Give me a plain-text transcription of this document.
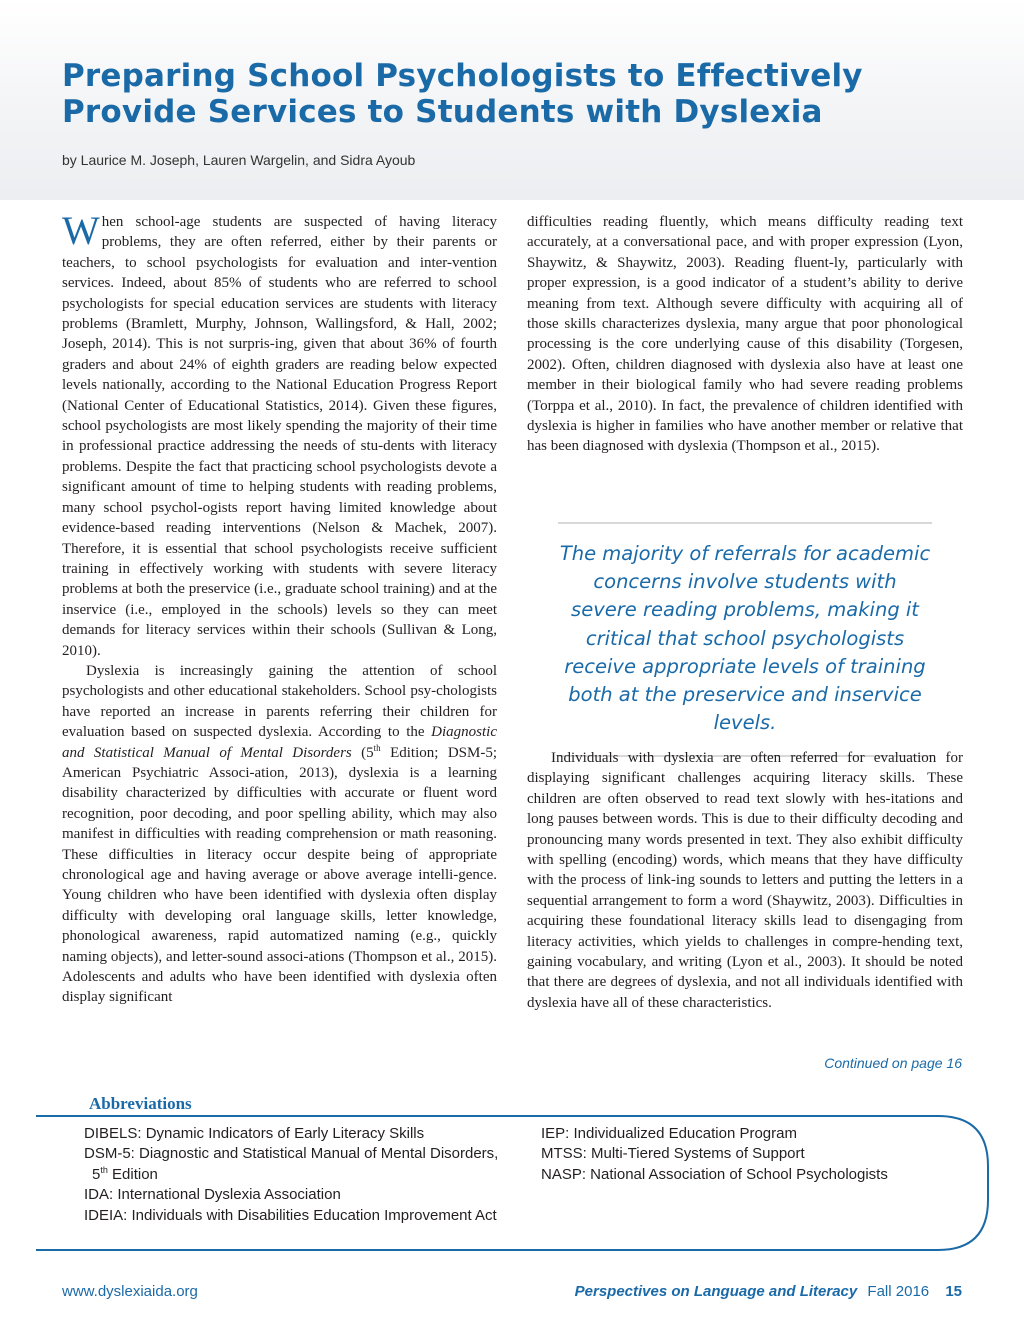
Preparing School Psychologists to Effectively
Provide Services to Students with Dyslexia

by Laurice M. Joseph, Lauren Wargelin, and Sidra Ayoub

When school-age students are suspected of having literacy problems, they are often referred, either by their parents or teachers, to school psychologists for evaluation and inter-vention services. Indeed, about 85% of students who are referred to school psychologists for special education services are students with literacy problems (Bramlett, Murphy, Johnson, Wallingsford, & Hall, 2002; Joseph, 2014). This is not surpris-ing, given that about 36% of fourth graders and about 24% of eighth graders are reading below expected levels nationally, according to the National Education Progress Report (National Center of Educational Statistics, 2014). Given these figures, school psychologists are most likely spending the majority of their time in professional practice addressing the needs of stu-dents with literacy problems. Despite the fact that practicing school psychologists devote a significant amount of time to helping students with reading problems, many school psychol-ogists report having limited knowledge about evidence-based reading interventions (Nelson & Machek, 2007). Therefore, it is essential that school psychologists receive sufficient training in effectively working with students with severe literacy problems at both the preservice (i.e., graduate school training) and at the inservice (i.e., employed in the schools) levels so they can meet demands for literacy services within their schools (Sullivan & Long, 2010).

Dyslexia is increasingly gaining the attention of school psychologists and other educational stakeholders. School psy-chologists have reported an increase in parents referring their children for evaluation based on suspected dyslexia. According to the Diagnostic and Statistical Manual of Mental Disorders (5th Edition; DSM-5; American Psychiatric Associ-ation, 2013), dyslexia is a learning disability characterized by difficulties with accurate or fluent word recognition, poor decoding, and poor spelling ability, which may also manifest in difficulties with reading comprehension or math reasoning. These difficulties in literacy occur despite being of appropriate chronological age and having average or above average intelli-gence. Young children who have been identified with dyslexia often display difficulty with developing oral language skills, letter knowledge, phonological awareness, rapid automatized naming (e.g., quickly naming objects), and letter-sound associ-ations (Thompson et al., 2015). Adolescents and adults who have been identified with dyslexia often display significant

difficulties reading fluently, which means difficulty reading text accurately, at a conversational pace, and with proper expression (Lyon, Shaywitz, & Shaywitz, 2003). Reading fluent-ly, particularly with proper expression, is a good indicator of a student’s ability to derive meaning from text. Although severe difficulty with acquiring all of those skills characterizes dyslexia, many argue that poor phonological processing is the core underlying cause of this disability (Torgesen, 2002). Often, children diagnosed with dyslexia also have at least one member in their biological family who had severe reading problems (Torppa et al., 2010). In fact, the prevalence of children identified with dyslexia is higher in families who have another member or relative that has been diagnosed with dyslexia (Thompson et al., 2015).

The majority of referrals for academic concerns involve students with severe reading problems, making it critical that school psychologists receive appropriate levels of training both at the preservice and inservice levels.

Individuals with dyslexia are often referred for evaluation for displaying significant challenges acquiring literacy skills. These children are often observed to read text slowly with hes-itations and long pauses between words. This is due to their difficulty decoding and pronouncing many words presented in text. They also exhibit difficulty with spelling (encoding) words, which means that they have difficulty with the process of link-ing sounds to letters and putting the letters in a sequential arrangement to form a word (Shaywitz, 2003). Difficulties in acquiring these foundational literacy skills lead to disengaging from literacy activities, which yields to challenges in compre-hending text, gaining vocabulary, and writing (Lyon et al., 2003). It should be noted that there are degrees of dyslexia, and not all individuals identified with dyslexia have all of these characteristics.

Continued on page 16
Abbreviations
DIBELS: Dynamic Indicators of Early Literacy Skills
DSM-5: Diagnostic and Statistical Manual of Mental Disorders, 5th Edition
IDA: International Dyslexia Association
IDEIA: Individuals with Disabilities Education Improvement Act
IEP: Individualized Education Program
MTSS: Multi-Tiered Systems of Support
NASP: National Association of School Psychologists
www.dyslexiaida.org	Perspectives on Language and Literacy Fall 2016 15
